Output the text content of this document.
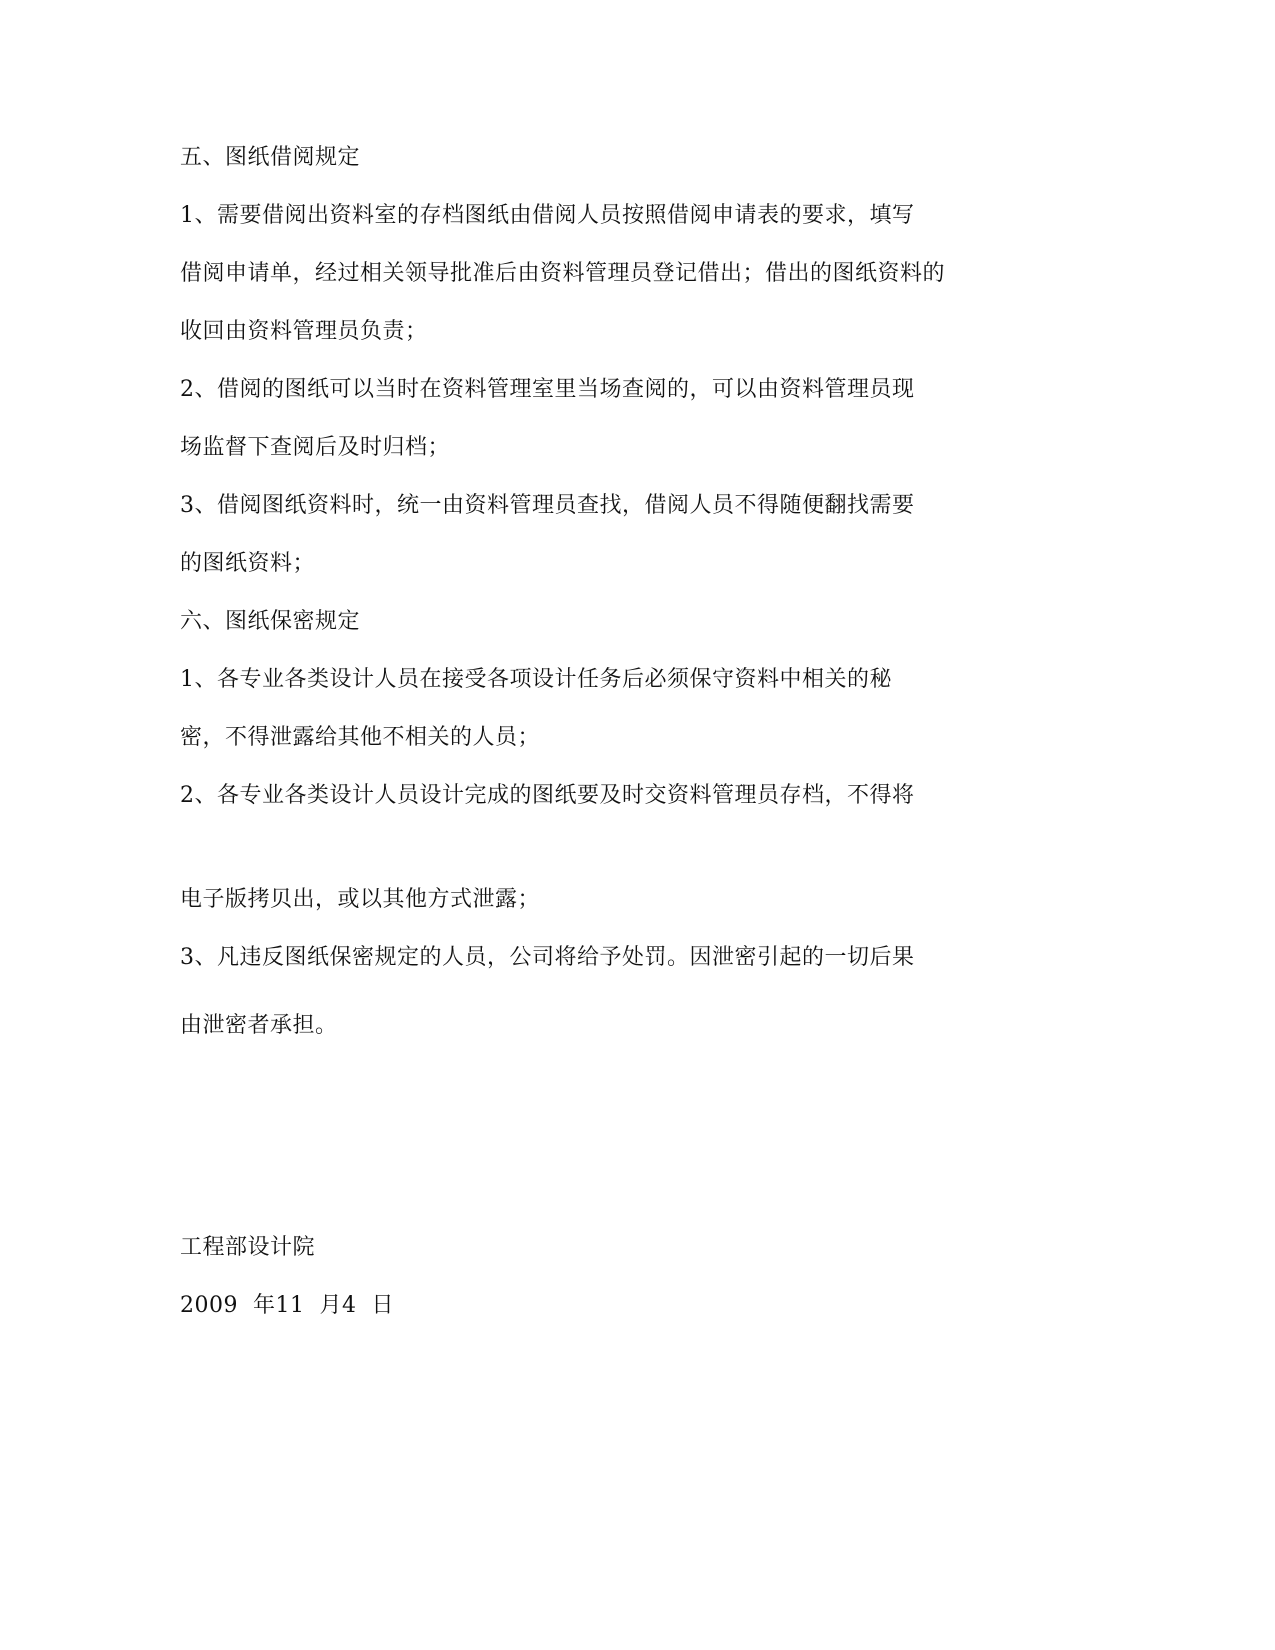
五、图纸借阅规定
1、需要借阅出资料室的存档图纸由借阅人员按照借阅申请表的要求，填写
借阅申请单，经过相关领导批准后由资料管理员登记借出；借出的图纸资料的
收回由资料管理员负责；
2、借阅的图纸可以当时在资料管理室里当场查阅的，可以由资料管理员现
场监督下查阅后及时归档；
3、借阅图纸资料时，统一由资料管理员查找，借阅人员不得随便翻找需要
的图纸资料；
六、图纸保密规定
1、各专业各类设计人员在接受各项设计任务后必须保守资料中相关的秘
密，不得泄露给其他不相关的人员；
2、各专业各类设计人员设计完成的图纸要及时交资料管理员存档，不得将
电子版拷贝出，或以其他方式泄露；
3、凡违反图纸保密规定的人员，公司将给予处罚。因泄密引起的一切后果
由泄密者承担。
工程部设计院
2009  年11  月4  日
